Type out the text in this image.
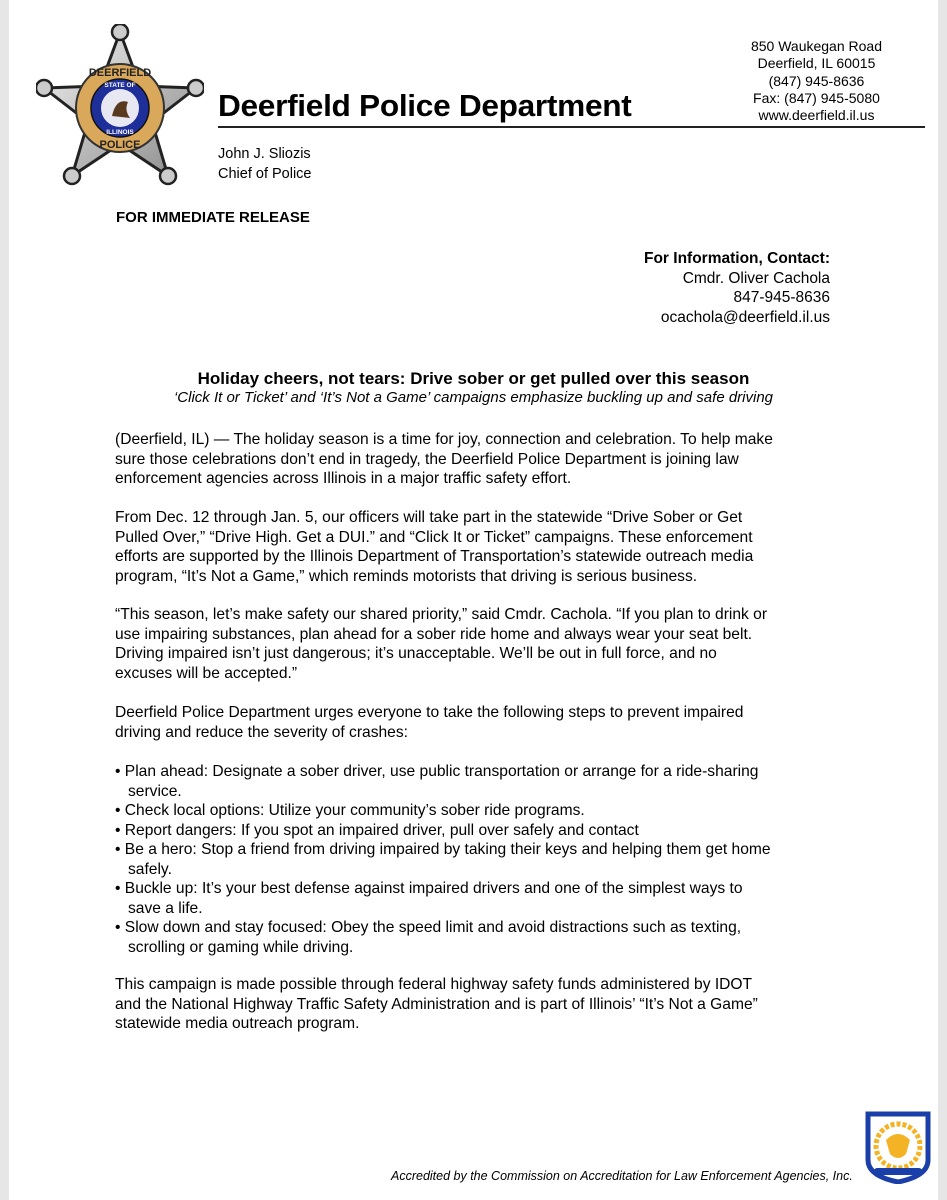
DEERFIELD
STATE OF
ILLINOIS
POLICE
Deerfield Police Department
850 Waukegan Road
Deerfield, IL 60015
(847) 945-8636
Fax: (847) 945-5080
www.deerfield.il.us
John J. Sliozis
Chief of Police
FOR IMMEDIATE RELEASE
For Information, Contact:
Cmdr. Oliver Cachola
847-945-8636
ocachola@deerfield.il.us
Holiday cheers, not tears: Drive sober or get pulled over this season
‘Click It or Ticket’ and ‘It’s Not a Game’ campaigns emphasize buckling up and safe driving
(Deerfield, IL) — The holiday season is a time for joy, connection and celebration. To help make
sure those celebrations don’t end in tragedy, the Deerfield Police Department is joining law
enforcement agencies across Illinois in a major traffic safety effort.
From Dec. 12 through Jan. 5, our officers will take part in the statewide “Drive Sober or Get
Pulled Over,” “Drive High. Get a DUI.” and “Click It or Ticket” campaigns. These enforcement
efforts are supported by the Illinois Department of Transportation’s statewide outreach media
program, “It’s Not a Game,” which reminds motorists that driving is serious business.
“This season, let’s make safety our shared priority,” said Cmdr. Cachola. “If you plan to drink or
use impairing substances, plan ahead for a sober ride home and always wear your seat belt.
Driving impaired isn’t just dangerous; it’s unacceptable. We’ll be out in full force, and no
excuses will be accepted.”
Deerfield Police Department urges everyone to take the following steps to prevent impaired
driving and reduce the severity of crashes:
• Plan ahead: Designate a sober driver, use public transportation or arrange for a ride-sharing
service.
• Check local options: Utilize your community’s sober ride programs.
• Report dangers: If you spot an impaired driver, pull over safely and contact
• Be a hero: Stop a friend from driving impaired by taking their keys and helping them get home
safely.
• Buckle up: It’s your best defense against impaired drivers and one of the simplest ways to
save a life.
• Slow down and stay focused: Obey the speed limit and avoid distractions such as texting,
scrolling or gaming while driving.
This campaign is made possible through federal highway safety funds administered by IDOT
and the National Highway Traffic Safety Administration and is part of Illinois’ “It’s Not a Game”
statewide media outreach program.
Accredited by the Commission on Accreditation for Law Enforcement Agencies, Inc.
